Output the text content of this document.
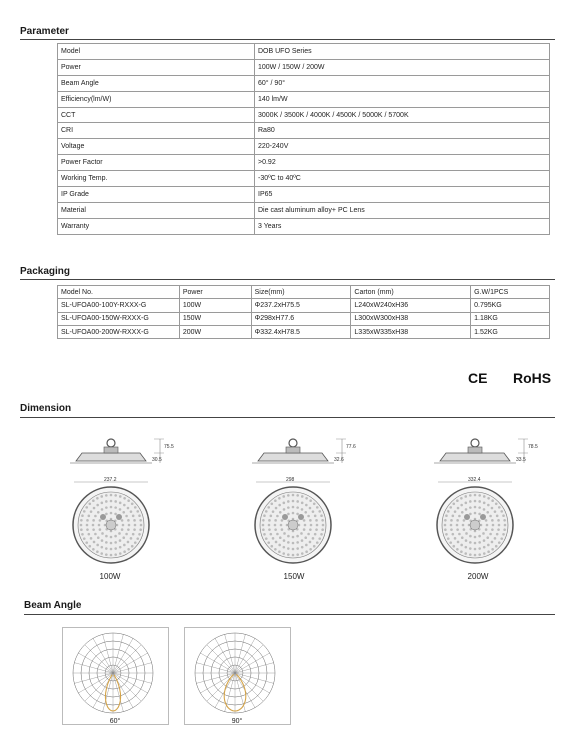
Parameter
Model	DOB UFO Series
Power	100W / 150W / 200W
Beam Angle	60° / 90°
Efficiency(lm/W)	140 lm/W
CCT	3000K / 3500K / 4000K / 4500K / 5000K / 5700K
CRI	Ra80
Voltage	220-240V
Power Factor	>0.92
Working Temp.	-30ºC to 40ºC
IP Grade	IP65
Material	Die cast aluminum alloy+ PC Lens
Warranty	3 Years
Packaging
Model No.	Power	Size(mm)	Carton (mm)	G.W/1PCS
SL-UFOA00-100Y-RXXX-G	100W	Φ237.2xH75.5	L240xW240xH36	0.795KG
SL-UFOA00-150W-RXXX-G	150W	Φ298xH77.6	L300xW300xH38	1.18KG
SL-UFOA00-200W-RXXX-G	200W	Φ332.4xH78.5	L335xW335xH38	1.52KG
CE RoHS
Dimension
75.5
30.5
237.2
100W
77.6
32.6
298
150W
78.5
33.5
332.4
200W
Beam Angle
60°	90°
